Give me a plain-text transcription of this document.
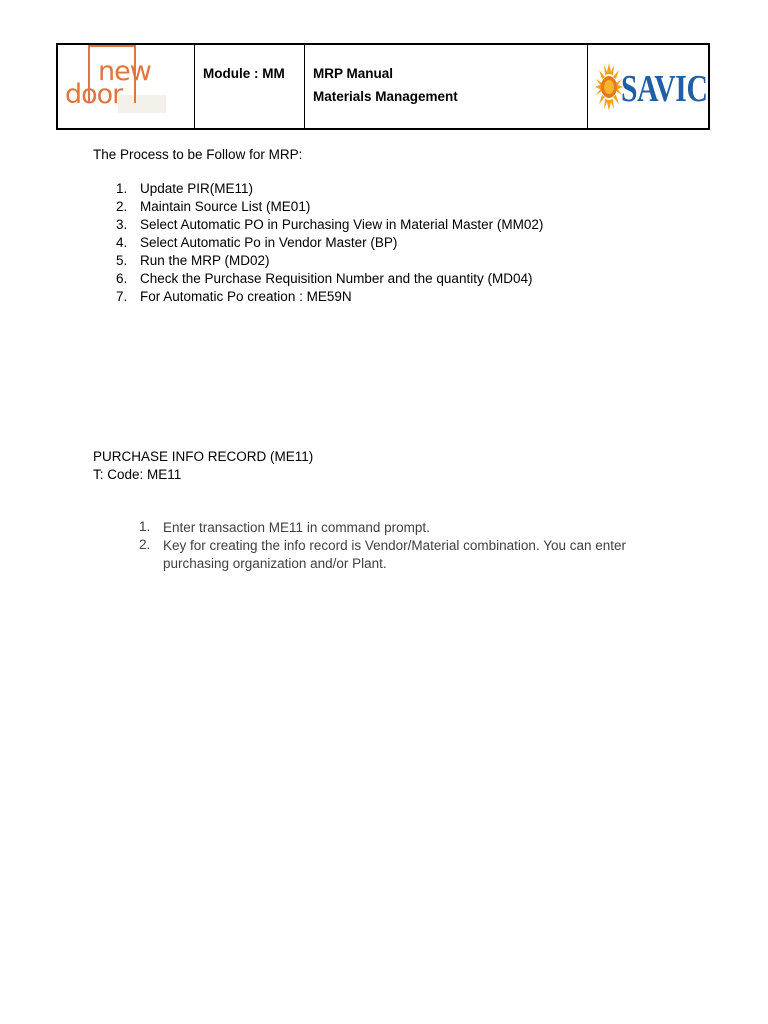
new
door
Module : MM MRP Manual
Materials Management	SAVIC
The Process to be Follow for MRP:
1. Update PIR(ME11)
2. Maintain Source List (ME01)
3. Select Automatic PO in Purchasing View in Material Master (MM02)
4. Select Automatic Po in Vendor Master (BP)
5. Run the MRP (MD02)
6. Check the Purchase Requisition Number and the quantity (MD04)
7. For Automatic Po creation : ME59N
PURCHASE INFO RECORD (ME11)
T: Code: ME11
1. Enter transaction ME11 in command prompt.
2. Key for creating the info record is Vendor/Material combination. You can enter purchasing organization and/or Plant.
